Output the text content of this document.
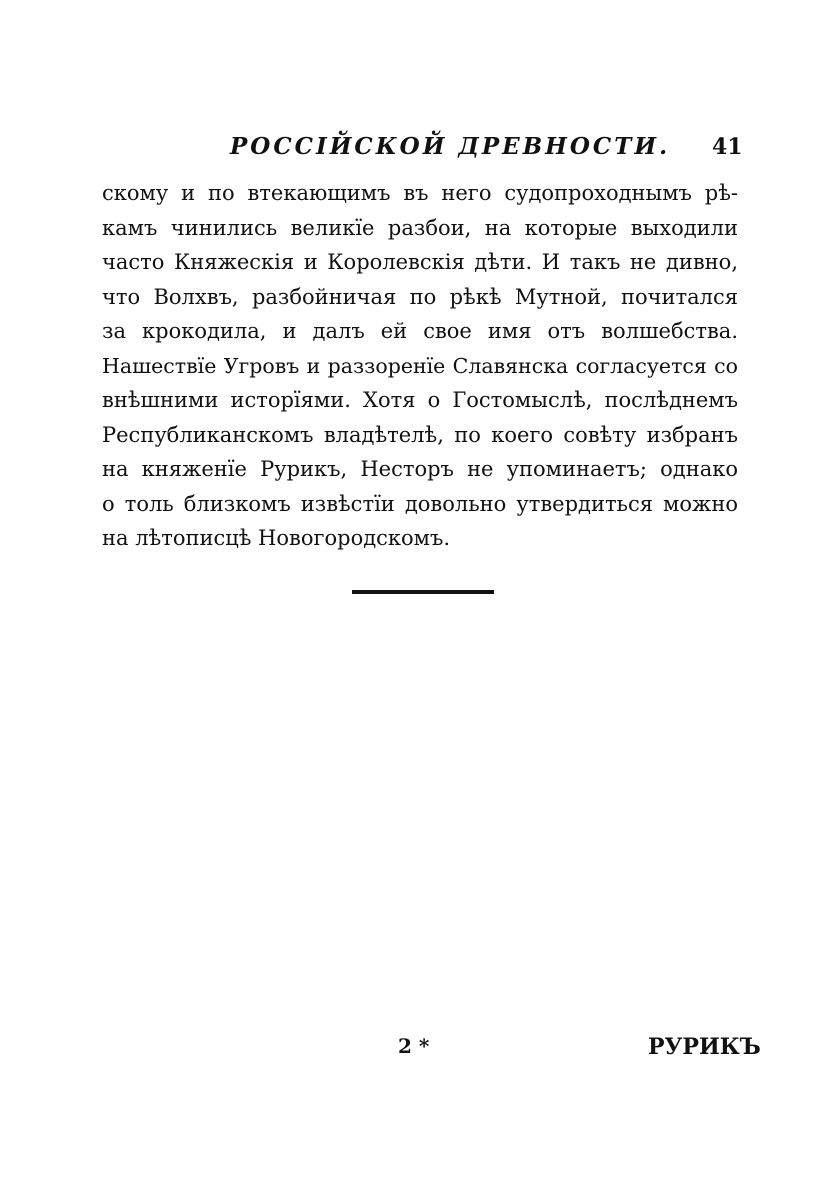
РОССІЙСКОЙ ДРЕВНОСТИ. 41
скому и по втекающимъ въ него судопроходнымъ рѣ-
камъ чинились великїе разбои, на которые выходили
часто Княжескія и Королевскія дѣти. И такъ не дивно,
что Волхвъ, разбойничая по рѣкѣ Мутной, почитался
за крокодила, и далъ ей свое имя отъ волшебства.
Нашествїе Угровъ и раззоренїе Славянска согласуется со
внѣшними исторїями. Хотя о Гостомыслѣ, послѣднемъ
Республиканскомъ владѣтелѣ, по коего совѣту избранъ
на княженїе Рурикъ, Несторъ не упоминаетъ; однако
о толь близкомъ извѣстїи довольно утвердиться можно
на лѣтописцѣ Новогородскомъ.
2 *	РУРИКЪ
